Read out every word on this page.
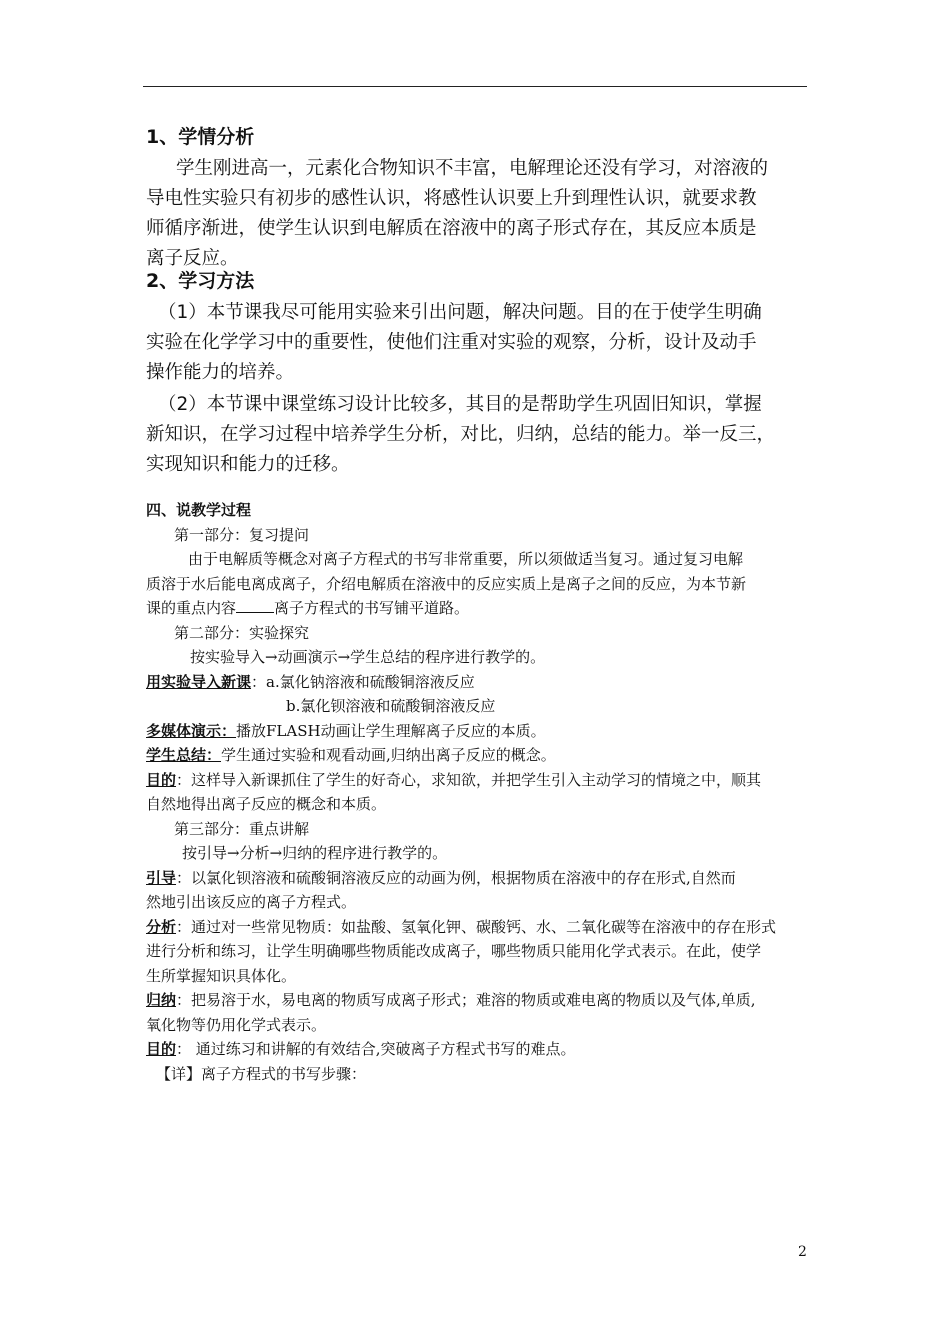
1、学情分析

学生刚进高一，元素化合物知识不丰富，电解理论还没有学习，对溶液的
导电性实验只有初步的感性认识，将感性认识要上升到理性认识，就要求教
师循序渐进，使学生认识到电解质在溶液中的离子形式存在，其反应本质是
离子反应。

2、学习方法

（1）本节课我尽可能用实验来引出问题，解决问题。目的在于使学生明确
实验在化学学习中的重要性，使他们注重对实验的观察，分析，设计及动手
操作能力的培养。

（2）本节课中课堂练习设计比较多，其目的是帮助学生巩固旧知识，掌握
新知识，在学习过程中培养学生分析，对比，归纳，总结的能力。举一反三，
实现知识和能力的迁移。

四、说教学过程
第一部分：复习提问
由于电解质等概念对离子方程式的书写非常重要，所以须做适当复习。通过复习电解
质溶于水后能电离成离子，介绍电解质在溶液中的反应实质上是离子之间的反应，为本节新
课的重点内容	离子方程式的书写铺平道路。
第二部分：实验探究
按实验导入→动画演示→学生总结的程序进行教学的。
用实验导入新课：a.氯化钠溶液和硫酸铜溶液反应
b.氯化钡溶液和硫酸铜溶液反应
多媒体演示：播放FLASH动画让学生理解离子反应的本质。
学生总结：学生通过实验和观看动画,归纳出离子反应的概念。
目的：这样导入新课抓住了学生的好奇心，求知欲，并把学生引入主动学习的情境之中，顺其
自然地得出离子反应的概念和本质。
第三部分：重点讲解
按引导→分析→归纳的程序进行教学的。
引导：以氯化钡溶液和硫酸铜溶液反应的动画为例，根据物质在溶液中的存在形式,自然而
然地引出该反应的离子方程式。
分析：通过对一些常见物质：如盐酸、氢氧化钾、碳酸钙、水、二氧化碳等在溶液中的存在形式
进行分析和练习，让学生明确哪些物质能改成离子，哪些物质只能用化学式表示。在此，使学
生所掌握知识具体化。
归纳：把易溶于水，易电离的物质写成离子形式；难溶的物质或难电离的物质以及气体,单质,
氧化物等仍用化学式表示。
目的： 通过练习和讲解的有效结合,突破离子方程式书写的难点。
【详】离子方程式的书写步骤：
2
